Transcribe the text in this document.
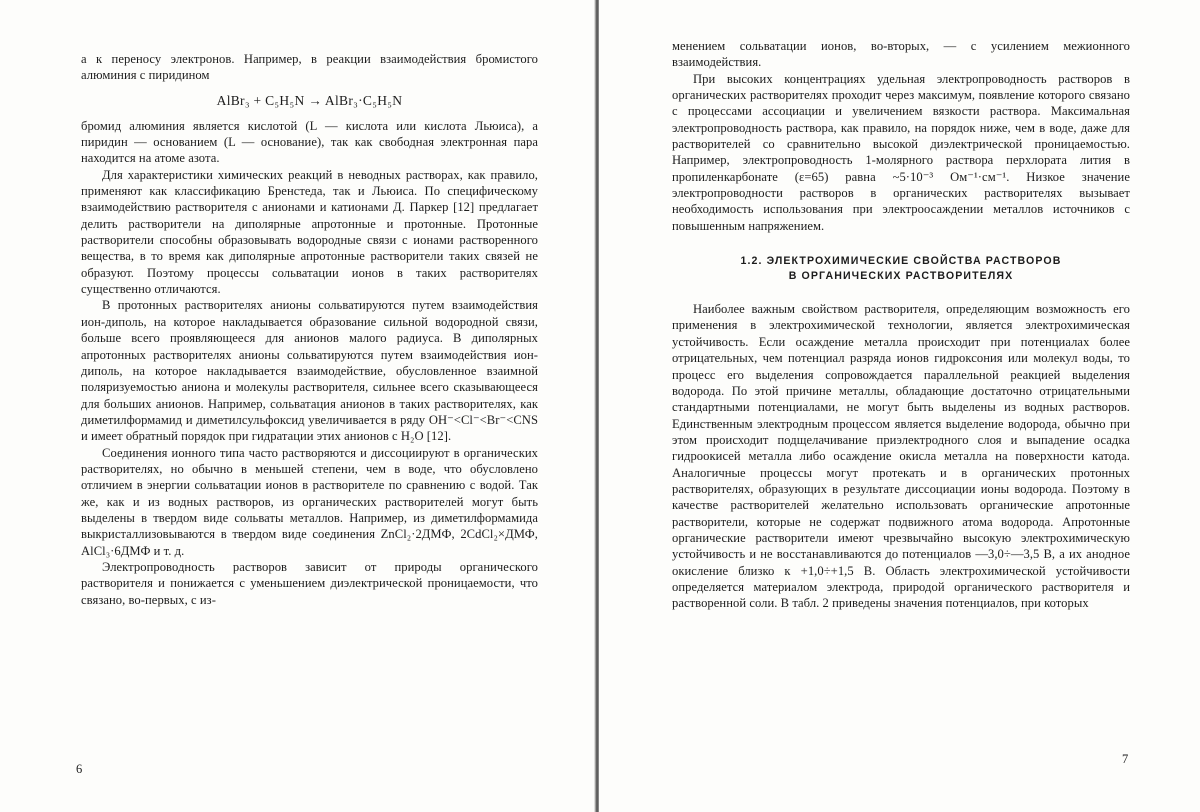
а к переносу электронов. Например, в реакции взаимодействия бромистого алюминия с пиридином

AlBr₃ + C₅H₅N → AlBr₃·C₅H₅N

бромид алюминия является кислотой (L — кислота или кислота Льюиса), а пиридин — основанием (L — основание), так как свободная электронная пара находится на атоме азота.

Для характеристики химических реакций в неводных растворах, как правило, применяют как классификацию Бренстеда, так и Льюиса. По специфическому взаимодействию растворителя с анионами и катионами Д. Паркер [12] предлагает делить растворители на диполярные апротонные и протонные. Протонные растворители способны образовывать водородные связи с ионами растворенного вещества, в то время как диполярные апротонные растворители таких связей не образуют. Поэтому процессы сольватации ионов в таких растворителях существенно отличаются.

В протонных растворителях анионы сольватируются путем взаимодействия ион-диполь, на которое накладывается образование сильной водородной связи, больше всего проявляющееся для анионов малого радиуса. В диполярных апротонных растворителях анионы сольватируются путем взаимодействия ион-диполь, на которое накладывается взаимодействие, обусловленное взаимной поляризуемостью аниона и молекулы растворителя, сильнее всего сказывающееся для больших анионов. Например, сольватация анионов в таких растворителях, как диметилформамид и диметилсульфоксид увеличивается в ряду OH⁻<Cl⁻<Br⁻<CNS и имеет обратный порядок при гидратации этих анионов с H₂O [12].

Соединения ионного типа часто растворяются и диссоциируют в органических растворителях, но обычно в меньшей степени, чем в воде, что обусловлено отличием в энергии сольватации ионов в растворителе по сравнению с водой. Так же, как и из водных растворов, из органических растворителей могут быть выделены в твердом виде сольваты металлов. Например, из диметилформамида выкристаллизовываются в твердом виде соединения ZnCl₂·2ДМФ, 2CdCl₂×ДМФ, AlCl₃·6ДМФ и т. д.

Электропроводность растворов зависит от природы органического растворителя и понижается с уменьшением диэлектрической проницаемости, что связано, во-первых, с из-

6

менением сольватации ионов, во-вторых, — с усилением межионного взаимодействия.

При высоких концентрациях удельная электропроводность растворов в органических растворителях проходит через максимум, появление которого связано с процессами ассоциации и увеличением вязкости раствора. Максимальная электропроводность раствора, как правило, на порядок ниже, чем в воде, даже для растворителей со сравнительно высокой диэлектрической проницаемостью. Например, электропроводность 1-молярного раствора перхлората лития в пропиленкарбонате (ε=65) равна ~5·10⁻³ Ом⁻¹·см⁻¹. Низкое значение электропроводности растворов в органических растворителях вызывает необходимость использования при электроосаждении металлов источников с повышенным напряжением.

1.2. ЭЛЕКТРОХИМИЧЕСКИЕ СВОЙСТВА РАСТВОРОВ
В ОРГАНИЧЕСКИХ РАСТВОРИТЕЛЯХ

Наиболее важным свойством растворителя, определяющим возможность его применения в электрохимической технологии, является электрохимическая устойчивость. Если осаждение металла происходит при потенциалах более отрицательных, чем потенциал разряда ионов гидроксония или молекул воды, то процесс его выделения сопровождается параллельной реакцией выделения водорода. По этой причине металлы, обладающие достаточно отрицательными стандартными потенциалами, не могут быть выделены из водных растворов. Единственным электродным процессом является выделение водорода, обычно при этом происходит подщелачивание приэлектродного слоя и выпадение осадка гидроокисей металла либо осаждение окисла металла на поверхности катода. Аналогичные процессы могут протекать и в органических протонных растворителях, образующих в результате диссоциации ионы водорода. Поэтому в качестве растворителей желательно использовать органические апротонные растворители, которые не содержат подвижного атома водорода. Апротонные органические растворители имеют чрезвычайно высокую электрохимическую устойчивость и не восстанавливаются до потенциалов —3,0÷—3,5 В, а их анодное окисление близко к +1,0÷+1,5 В. Область электрохимической устойчивости определяется материалом электрода, природой органического растворителя и растворенной соли. В табл. 2 приведены значения потенциалов, при которых

7
